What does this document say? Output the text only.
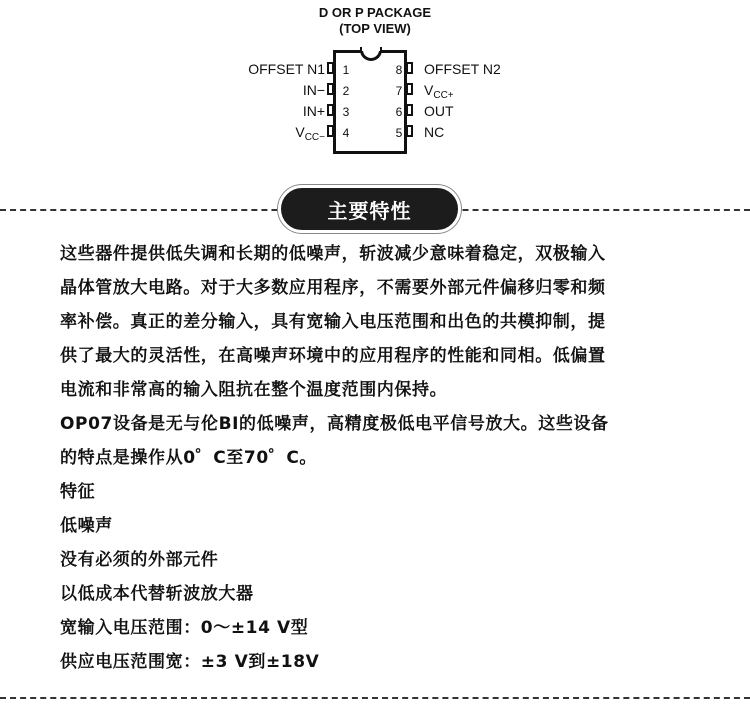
D OR P PACKAGE
(TOP VIEW)
1
2
3
4
OFFSET N1
IN−
IN+
$V_{CC-}$
8
7
6
5
OFFSET N2
$V_{CC+}$
OUT
NC
主要特性

这些器件提供低失调和长期的低噪声，斩波减少意味着稳定，双极输入

晶体管放大电路。对于大多数应用程序，不需要外部元件偏移归零和频

率补偿。真正的差分输入，具有宽输入电压范围和出色的共模抑制，提

供了最大的灵活性，在高噪声环境中的应用程序的性能和同相。低偏置

电流和非常高的输入阻抗在整个温度范围内保持。

OP07设备是无与伦BI的低噪声，高精度极低电平信号放大。这些设备

的特点是操作从0゜C至70゜C。

特征

低噪声

没有必须的外部元件

以低成本代替斩波放大器

宽输入电压范围：0～±14 V型

供应电压范围宽：±3 V到±18V
